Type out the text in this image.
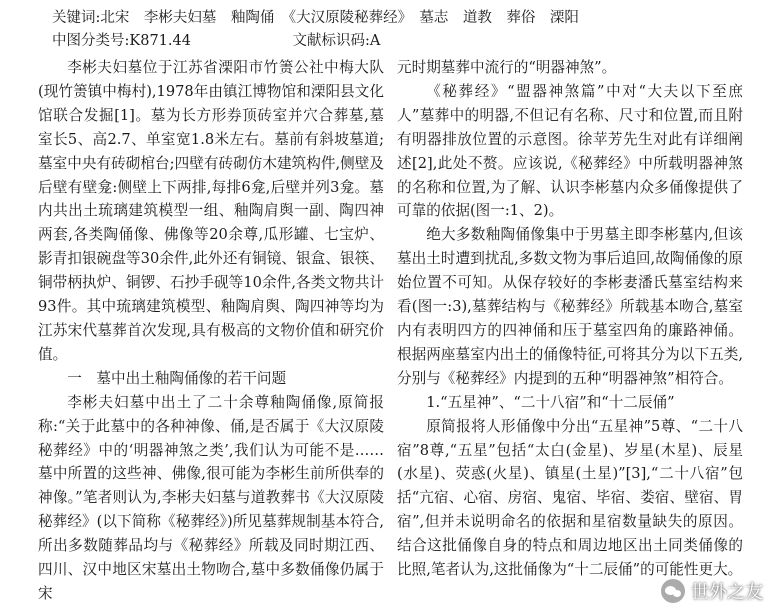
关键词:北宋　李彬夫妇墓　釉陶俑　《大汉原陵秘葬经》　墓志　道教　葬俗　溧阳
中图分类号:K871.44　　　　　　　文献标识码:A

李彬夫妇墓位于江苏省溧阳市竹箦公社中梅大队(现竹箦镇中梅村),1978年由镇江博物馆和溧阳县文化馆联合发掘[1]。墓为长方形券顶砖室并穴合葬墓,墓室长5、高2.7、单室宽1.8米左右。墓前有斜坡墓道;墓室中央有砖砌棺台;四壁有砖砌仿木建筑构件,侧壁及后壁有壁龛:侧壁上下两排,每排6龛,后壁并列3龛。墓内共出土琉璃建筑模型一组、釉陶肩舆一副、陶四神两套,各类陶俑像、佛像等20余尊,瓜形罐、七宝炉、影青扣银碗盘等30余件,此外还有铜镜、银盒、银筷、铜带柄执炉、铜锣、石抄手砚等10余件,各类文物共计93件。其中琉璃建筑模型、釉陶肩舆、陶四神等均为江苏宋代墓葬首次发现,具有极高的文物价值和研究价值。

一　墓中出土釉陶俑像的若干问题

李彬夫妇墓中出土了二十余尊釉陶俑像,原简报称:“关于此墓中的各种神像、俑,是否属于《大汉原陵秘葬经》中的‘明器神煞之类’,我们认为可能不是……墓中所置的这些神、佛像,很可能为李彬生前所供奉的神像。”笔者则认为,李彬夫妇墓与道教葬书《大汉原陵秘葬经》(以下简称《秘葬经》)所见墓葬规制基本符合,所出多数随葬品均与《秘葬经》所载及同时期江西、四川、汉中地区宋墓出土物吻合,墓中多数俑像仍属于宋

元时期墓葬中流行的“明器神煞”。

《秘葬经》“盟器神煞篇”中对“大夫以下至庶人”墓葬中的明器,不但记有名称、尺寸和位置,而且附有明器排放位置的示意图。徐苹芳先生对此有详细阐述[2],此处不赘。应该说,《秘葬经》中所载明器神煞的名称和位置,为了解、认识李彬墓内众多俑像提供了可靠的依据(图一:1、2)。

绝大多数釉陶俑像集中于男墓主即李彬墓内,但该墓出土时遭到扰乱,多数文物为事后追回,故陶俑像的原始位置不可知。从保存较好的李彬妻潘氏墓室结构来看(图一:3),墓葬结构与《秘葬经》所载基本吻合,墓室内有表明四方的四神俑和压于墓室四角的廉路神俑。根据两座墓室内出土的俑像特征,可将其分为以下五类,分别与《秘葬经》内提到的五种“明器神煞”相符合。

1.“五星神”、“二十八宿”和“十二辰俑”

原简报将人形俑像中分出“五星神”5尊、“二十八宿”8尊,“五星”包括“太白(金星)、岁星(木星)、辰星(水星)、荧惑(火星)、镇星(土星)”[3],“二十八宿”包括“亢宿、心宿、房宿、鬼宿、毕宿、娄宿、壁宿、胃宿”,但并未说明命名的依据和星宿数量缺失的原因。结合这批俑像自身的特点和周边地区出土同类俑像的比照,笔者认为,这批俑像为“十二辰俑”的可能性更大。

世外之友
